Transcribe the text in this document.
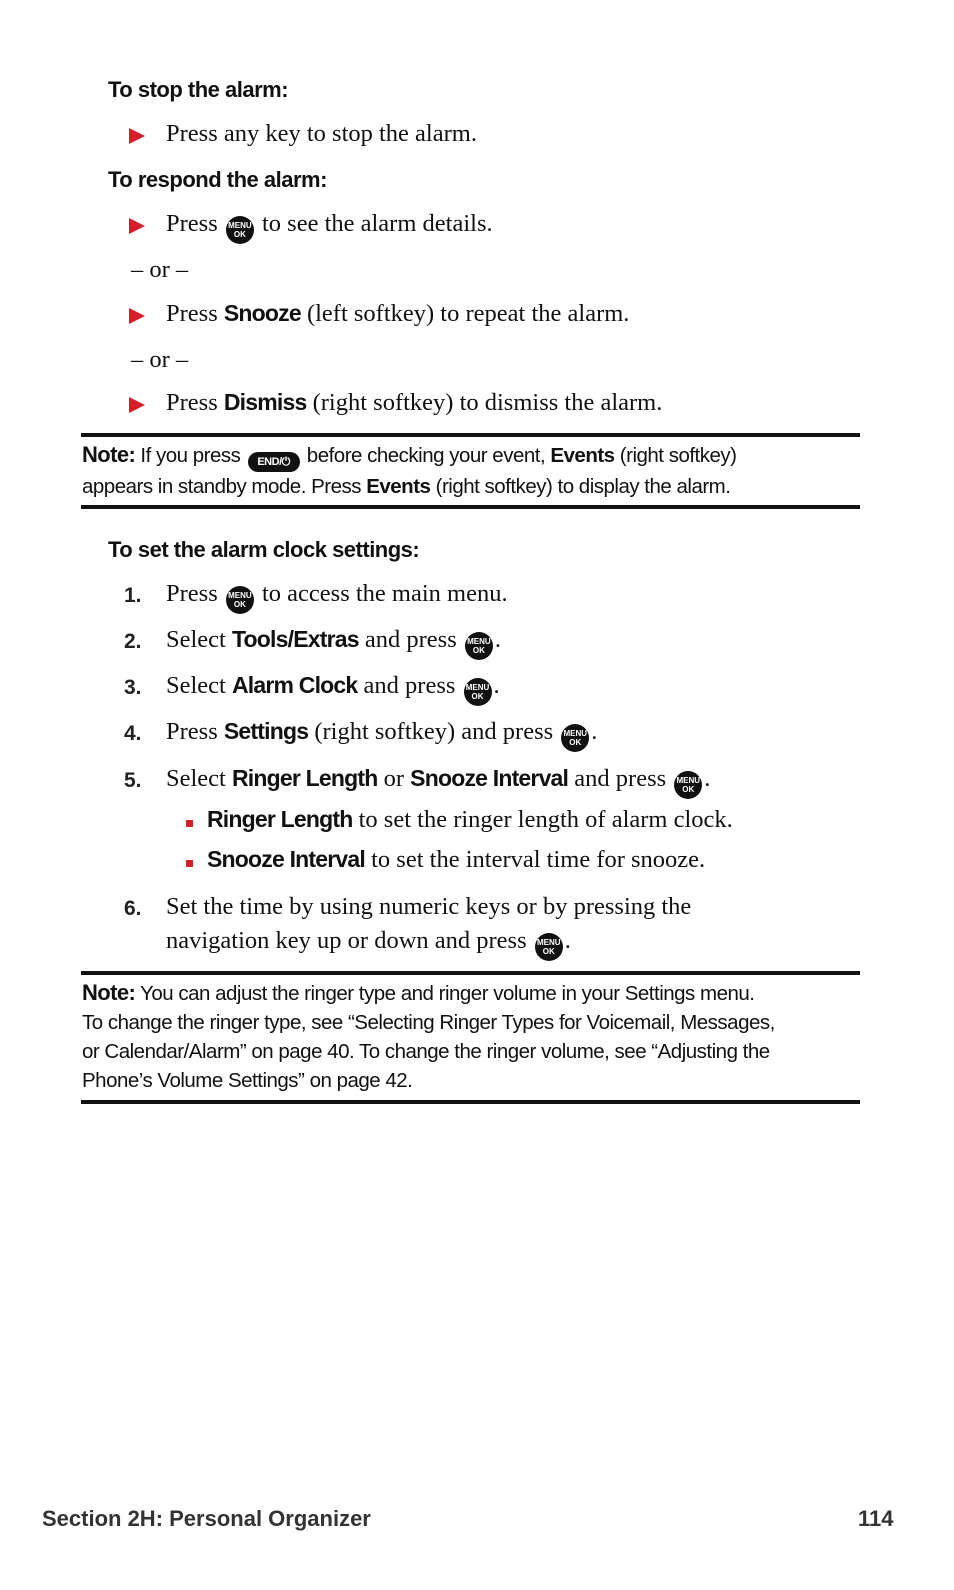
To stop the alarm:
Press any key to stop the alarm.
To respond the alarm:
Press MENU
OK to see the alarm details.
– or –
Press Snooze (left softkey) to repeat the alarm.
– or –
Press Dismiss (right softkey) to dismiss the alarm.
Note: If you press END/⏻ before checking your event, Events (right softkey)
appears in standby mode. Press Events (right softkey) to display the alarm.
To set the alarm clock settings:
1. Press MENU
OK to access the main menu.
2. Select Tools/Extras and press MENU
OK .
3. Select Alarm Clock and press MENU
OK .
4. Press Settings (right softkey) and press MENU
OK .
5. Select Ringer Length or Snooze Interval and press MENU
OK .
Ringer Length to set the ringer length of alarm clock.
Snooze Interval to set the interval time for snooze.
6. Set the time by using numeric keys or by pressing the
navigation key up or down and press MENU
OK .
Note: You can adjust the ringer type and ringer volume in your Settings menu.
To change the ringer type, see “Selecting Ringer Types for Voicemail, Messages,
or Calendar/Alarm” on page 40. To change the ringer volume, see “Adjusting the
Phone’s Volume Settings” on page 42.
Section 2H: Personal Organizer	114
